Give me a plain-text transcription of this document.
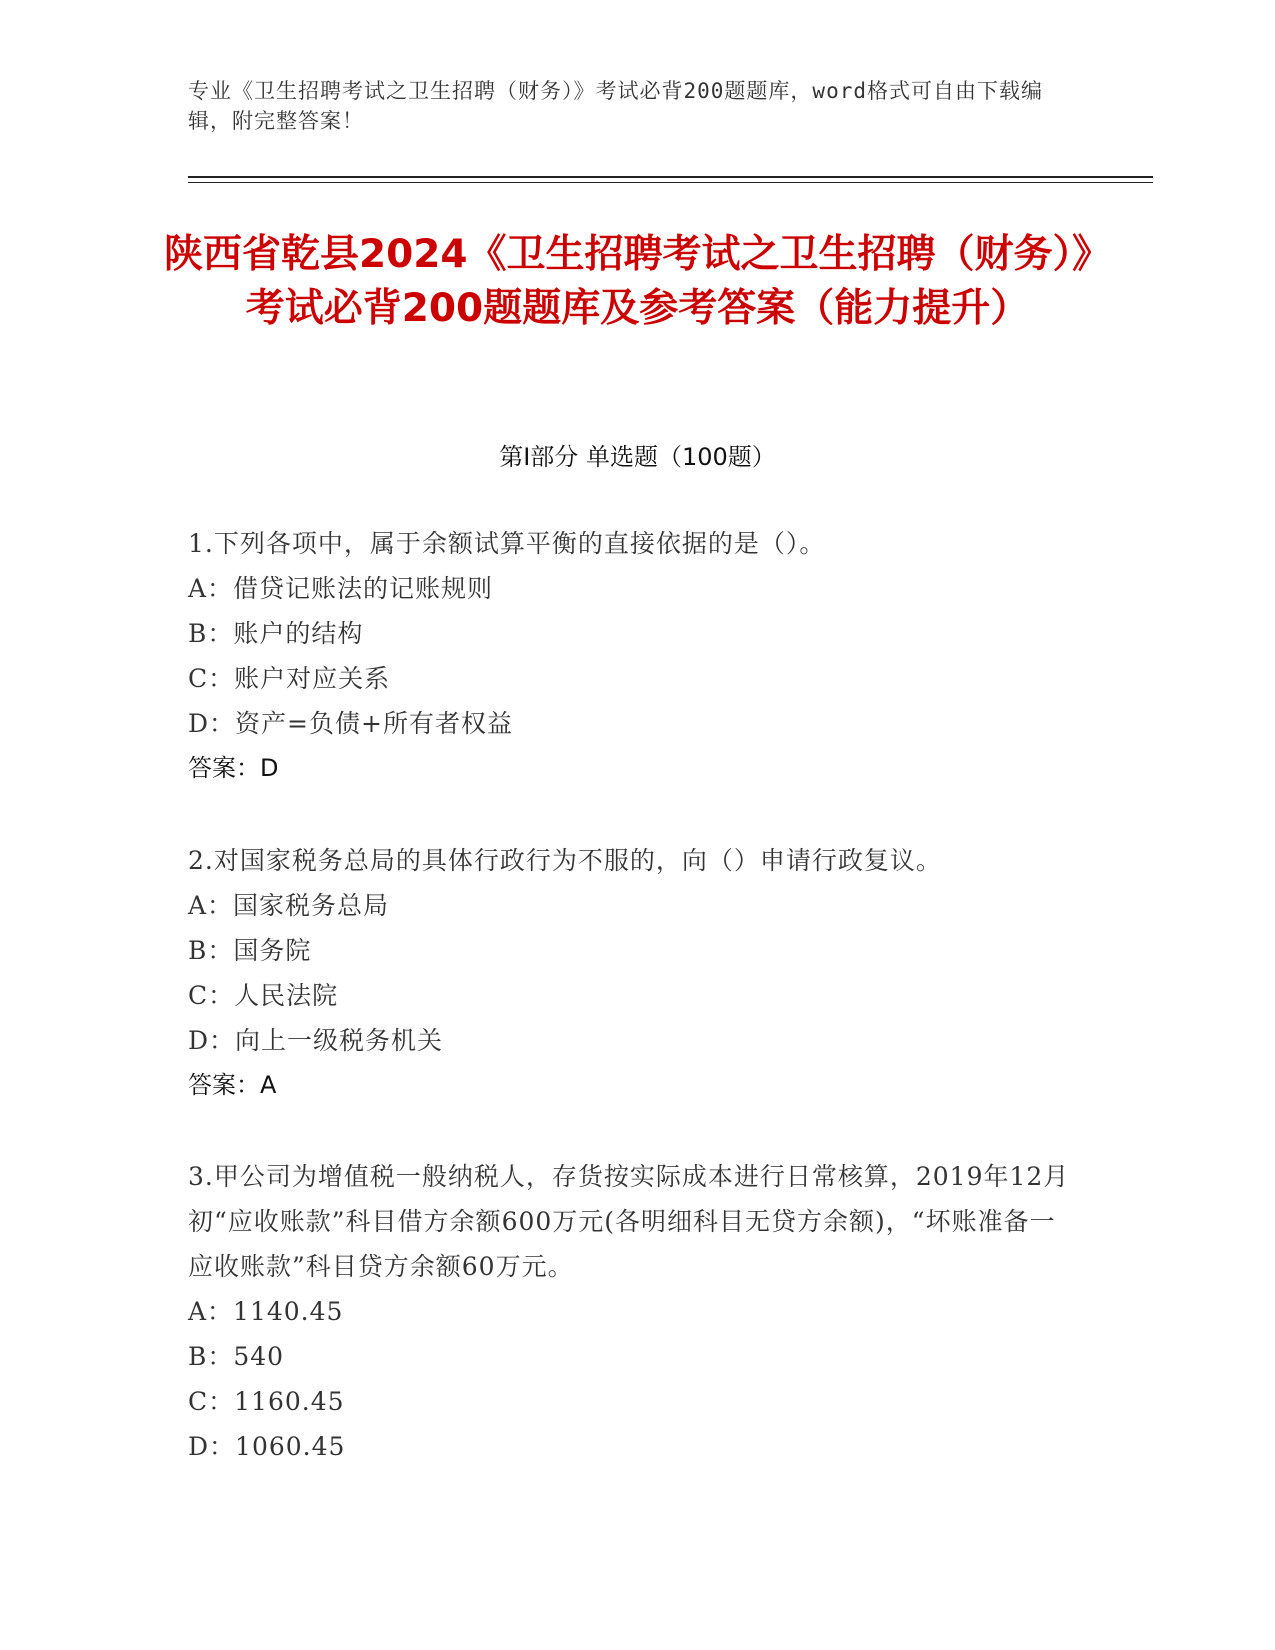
专业《卫生招聘考试之卫生招聘（财务）》考试必背200题题库，word格式可自由下载编辑，附完整答案！
陕西省乾县2024《卫生招聘考试之卫生招聘（财务）》考试必背200题题库及参考答案（能力提升）
第Ⅰ部分 单选题（100题）
1.下列各项中，属于余额试算平衡的直接依据的是（）。
A：借贷记账法的记账规则
B：账户的结构
C：账户对应关系
D：资产=负债+所有者权益
答案：D
2.对国家税务总局的具体行政行为不服的，向（）申请行政复议。
A：国家税务总局
B：国务院
C：人民法院
D：向上一级税务机关
答案：A
3.甲公司为增值税一般纳税人，存货按实际成本进行日常核算，2019年12月初“应收账款”科目借方余额600万元(各明细科目无贷方余额)，“坏账准备一应收账款”科目贷方余额60万元。
A：1140.45
B：540
C：1160.45
D：1060.45
